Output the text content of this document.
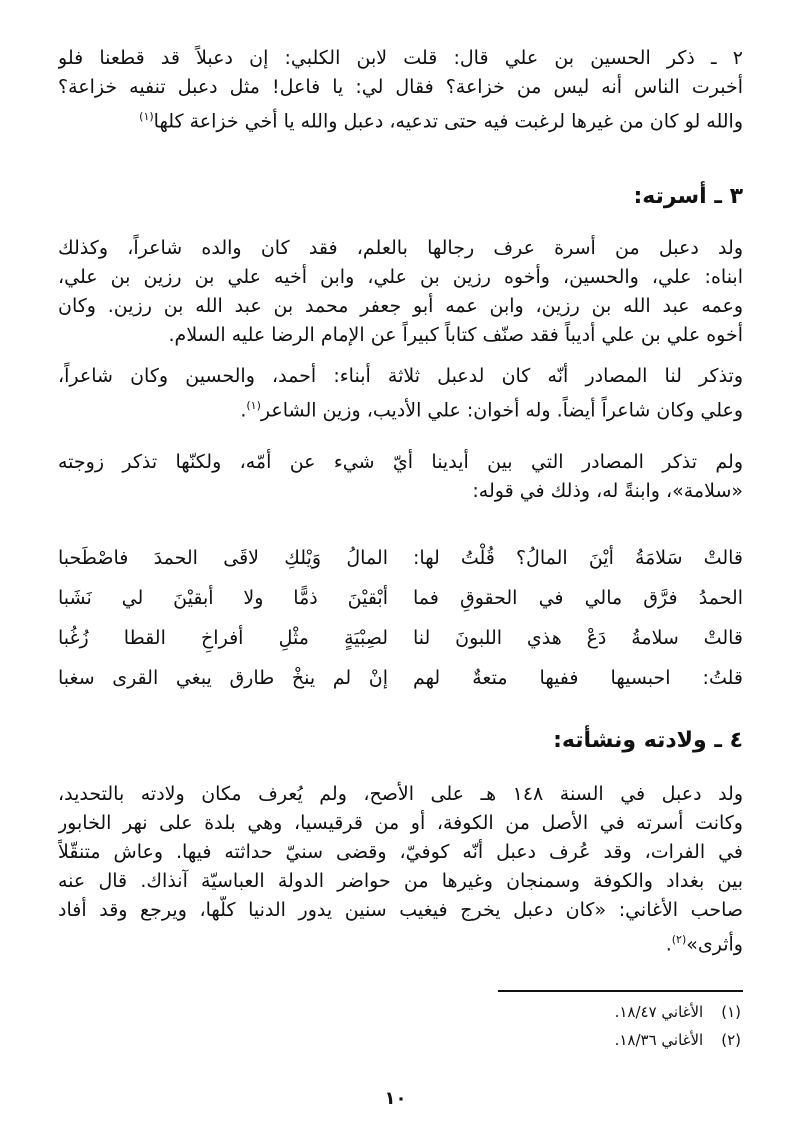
٢ ـ ذكر الحسين بن علي قال: قلت لابن الكلبي: إن دعبلاً قد قطعنا فلو
أخبرت الناس أنه ليس من خزاعة؟ فقال لي: يا فاعل! مثل دعبل تنفيه خزاعة؟
والله لو كان من غيرها لرغبت فيه حتى تدعيه، دعبل والله يا أخي خزاعة كلها$^{(١)}$

٣ ـ أسرته:

ولد دعبل من أسرة عرف رجالها بالعلم، فقد كان والده شاعراً، وكذلك
ابناه: علي، والحسين، وأخوه رزين بن علي، وابن أخيه علي بن رزين بن علي،
وعمه عبد الله بن رزين، وابن عمه أبو جعفر محمد بن عبد الله بن رزين. وكان
أخوه علي بن علي أديباً فقد صنّف كتاباً كبيراً عن الإمام الرضا عليه السلام.

وتذكر لنا المصادر أنّه كان لدعبل ثلاثة أبناء: أحمد، والحسين وكان شاعراً،
وعلي وكان شاعراً أيضاً. وله أخوان: علي الأديب، وزين الشاعر$^{(١)}$.

ولم تذكر المصادر التي بين أيدينا أيّ شيء عن أمّه، ولكنّها تذكر زوجته
«سلامة»، وابنةً له، وذلك في قوله:

قالتْ سَلامَةُ أيْنَ المالُ؟ قُلْتُ لها:
المالُ وَيْلكِ لاقَى الحمدَ فاصْطَحبا
الحمدُ فرَّق مالي في الحقوقِ فما
أبْقيْنَ ذمًّا ولا أبقيْنَ لي نَشَبا
قالتْ سلامةُ دَعْ هذي اللبونَ لنا
لصِبْيَةٍ مثْلِ أفراخِ القطا زُغُبا
قلتُ: احبسيها ففيها متعةٌ لهم
إنْ لم ينخْ طارق يبغي القرى سغبا
٤ ـ ولادته ونشأته:

ولد دعبل في السنة ١٤٨ هـ على الأصح، ولم يُعرف مكان ولادته بالتحديد،
وكانت أسرته في الأصل من الكوفة، أو من قرقيسيا، وهي بلدة على نهر الخابور
في الفرات، وقد عُرف دعبل أنّه كوفيّ، وقضى سنيّ حداثته فيها. وعاش متنقّلاً
بين بغداد والكوفة وسمنجان وغيرها من حواضر الدولة العباسيّة آنذاك. قال عنه
صاحب الأغاني: «كان دعبل يخرج فيغيب سنين يدور الدنيا كلّها، ويرجع وقد أفاد
وأثرى»$^{(٢)}$.

(١)
الأغاني ١٨/٤٧.
(٢)
الأغاني ١٨/٣٦.
١٠
